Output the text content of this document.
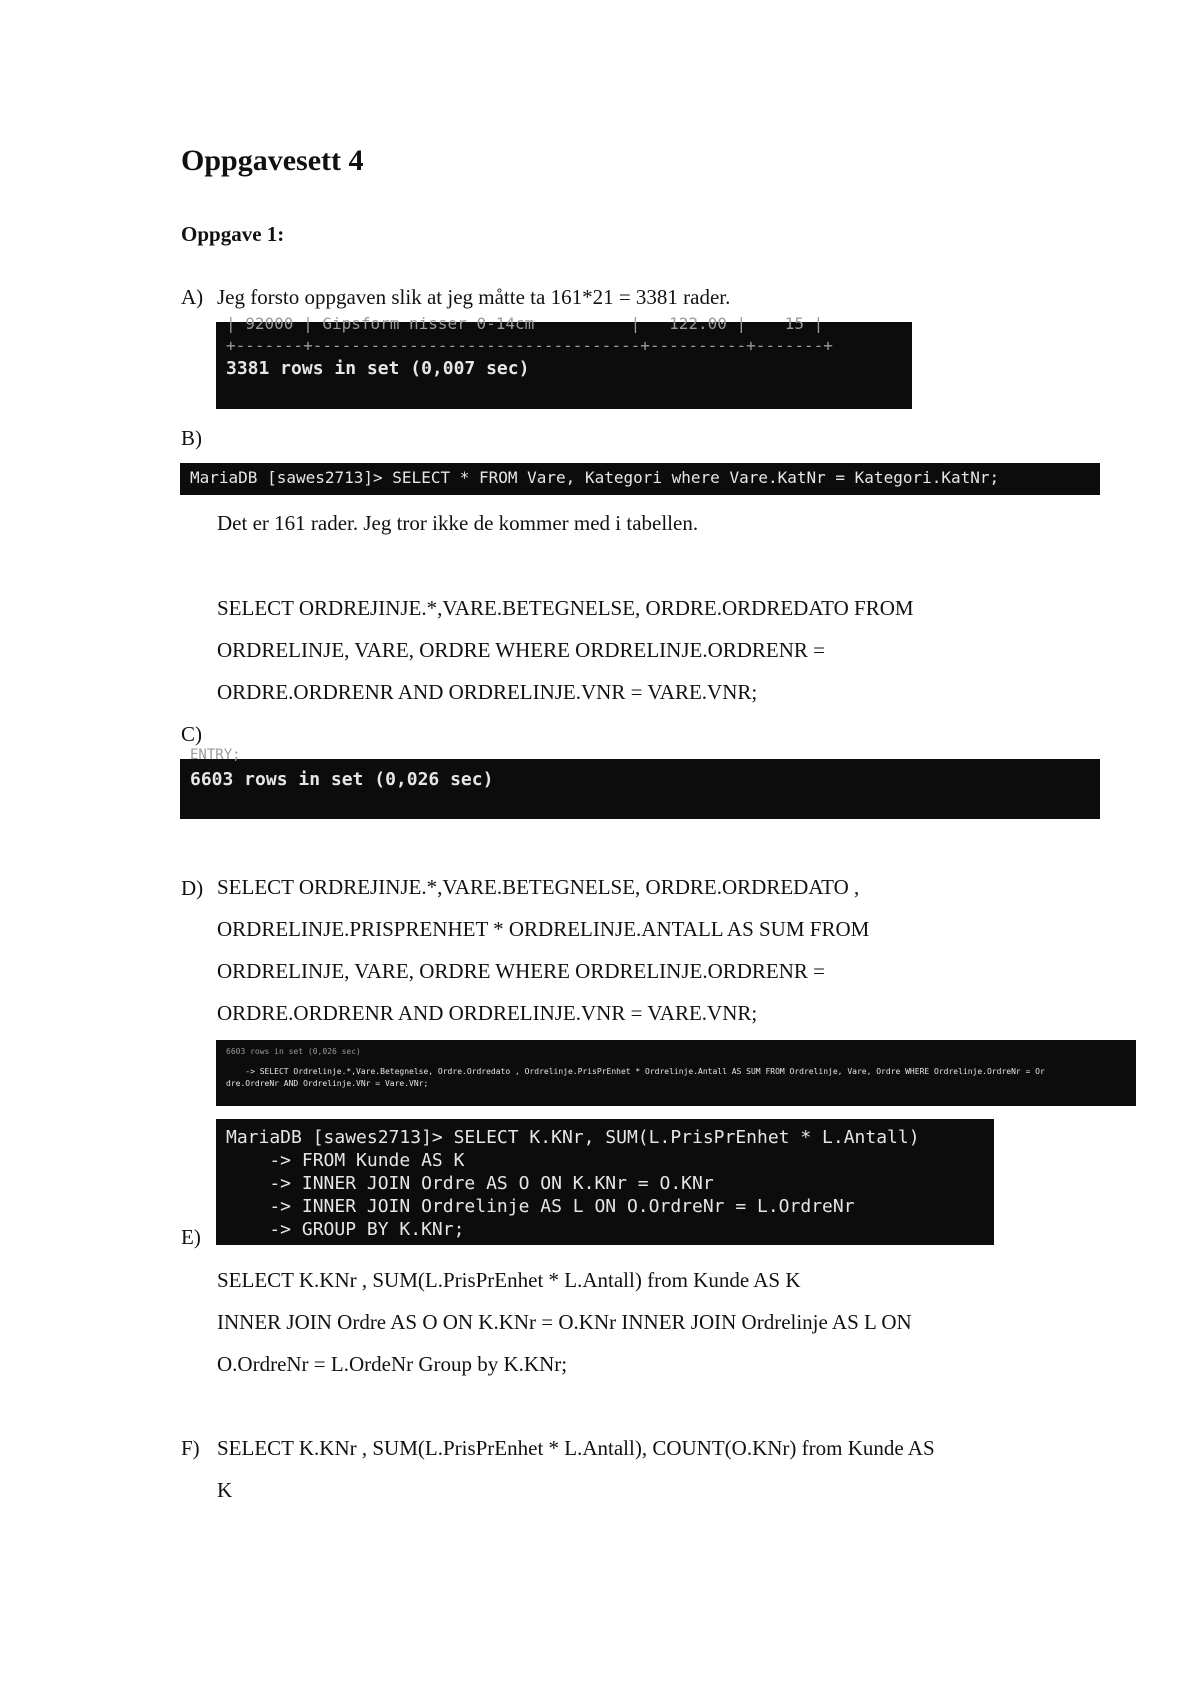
Oppgavesett 4
Oppgave 1:
A) Jeg forsto oppgaven slik at jeg måtte ta 161*21 = 3381 rader.

| 92000 | Gipsform nisser 0-14cm          |   122.00 |    15 |

+-------+----------------------------------+----------+-------+

3381 rows in set (0,007 sec)

B)

MariaDB [sawes2713]> SELECT * FROM Vare, Kategori where Vare.KatNr = Kategori.KatNr;

Det er 161 rader. Jeg tror ikke de kommer med i tabellen.
SELECT ORDREJINJE.*,VARE.BETEGNELSE, ORDRE.ORDREDATO FROM
ORDRELINJE, VARE, ORDRE WHERE ORDRELINJE.ORDRENR =
ORDRE.ORDRENR AND ORDRELINJE.VNR = VARE.VNR;
C)

ENTRY;

6603 rows in set (0,026 sec)

D) SELECT ORDREJINJE.*,VARE.BETEGNELSE, ORDRE.ORDREDATO ,
ORDRELINJE.PRISPRENHET * ORDRELINJE.ANTALL AS SUM FROM
ORDRELINJE, VARE, ORDRE WHERE ORDRELINJE.ORDRENR =
ORDRE.ORDRENR AND ORDRELINJE.VNR = VARE.VNR;

6603 rows in set (0,026 sec)

-> SELECT Ordrelinje.*,Vare.Betegnelse, Ordre.Ordredato , Ordrelinje.PrisPrEnhet * Ordrelinje.Antall AS SUM FROM Ordrelinje, Vare, Ordre WHERE Ordrelinje.OrdreNr = Or

dre.OrdreNr AND Ordrelinje.VNr = Vare.VNr;

MariaDB [sawes2713]> SELECT K.KNr, SUM(L.PrisPrEnhet * L.Antall)

-> FROM Kunde AS K

-> INNER JOIN Ordre AS O ON K.KNr = O.KNr

-> INNER JOIN Ordrelinje AS L ON O.OrdreNr = L.OrdreNr

-> GROUP BY K.KNr;

E)
SELECT K.KNr , SUM(L.PrisPrEnhet * L.Antall) from Kunde AS K
INNER JOIN Ordre AS O ON K.KNr = O.KNr INNER JOIN Ordrelinje AS L ON
O.OrdreNr = L.OrdeNr Group by K.KNr;
F) SELECT K.KNr , SUM(L.PrisPrEnhet * L.Antall), COUNT(O.KNr) from Kunde AS
K
